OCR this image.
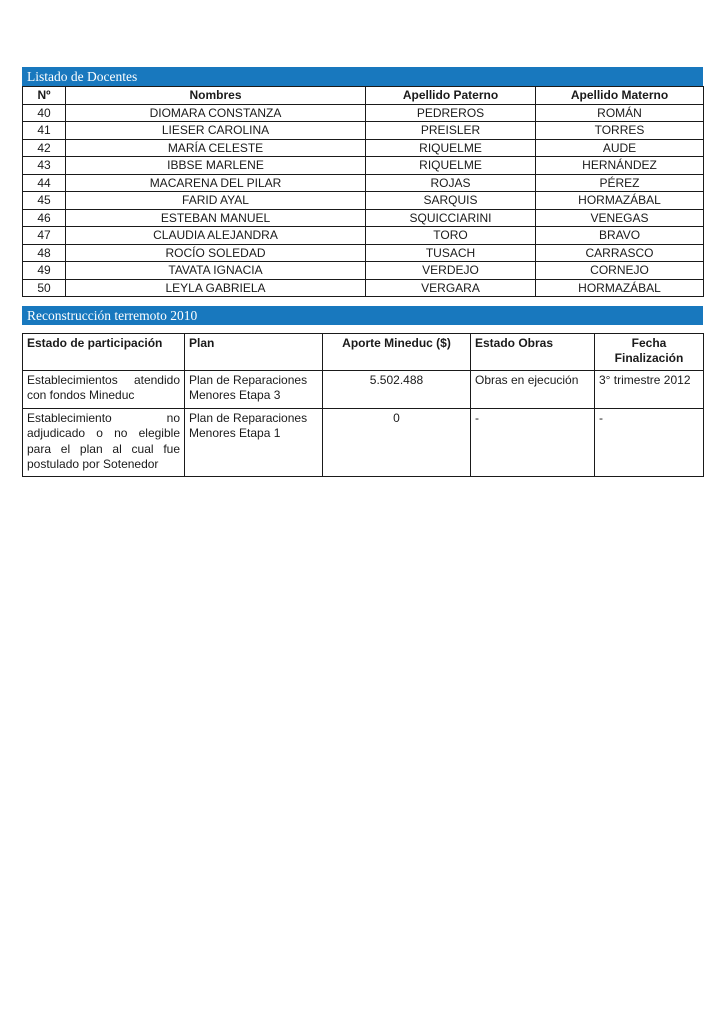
Listado de Docentes
Nº	Nombres	Apellido Paterno	Apellido Materno
40	DIOMARA CONSTANZA	PEDREROS	ROMÁN
41	LIESER CAROLINA	PREISLER	TORRES
42	MARÍA CELESTE	RIQUELME	AUDE
43	IBBSE MARLENE	RIQUELME	HERNÁNDEZ
44	MACARENA DEL PILAR	ROJAS	PÉREZ
45	FARID AYAL	SARQUIS	HORMAZÁBAL
46	ESTEBAN MANUEL	SQUICCIARINI	VENEGAS
47	CLAUDIA ALEJANDRA	TORO	BRAVO
48	ROCÍO SOLEDAD	TUSACH	CARRASCO
49	TAVATA IGNACIA	VERDEJO	CORNEJO
50	LEYLA GABRIELA	VERGARA	HORMAZÁBAL
Reconstrucción terremoto 2010
Estado de participación	Plan	Aporte Mineduc ($)	Estado Obras	Fecha Finalización
Establecimientos atendido con fondos Mineduc	Plan de Reparaciones Menores Etapa 3	5.502.488	Obras en ejecución	3° trimestre 2012
Establecimiento no adjudicado o no elegible para el plan al cual fue postulado por Sotenedor	Plan de Reparaciones Menores Etapa 1	0	-	-
